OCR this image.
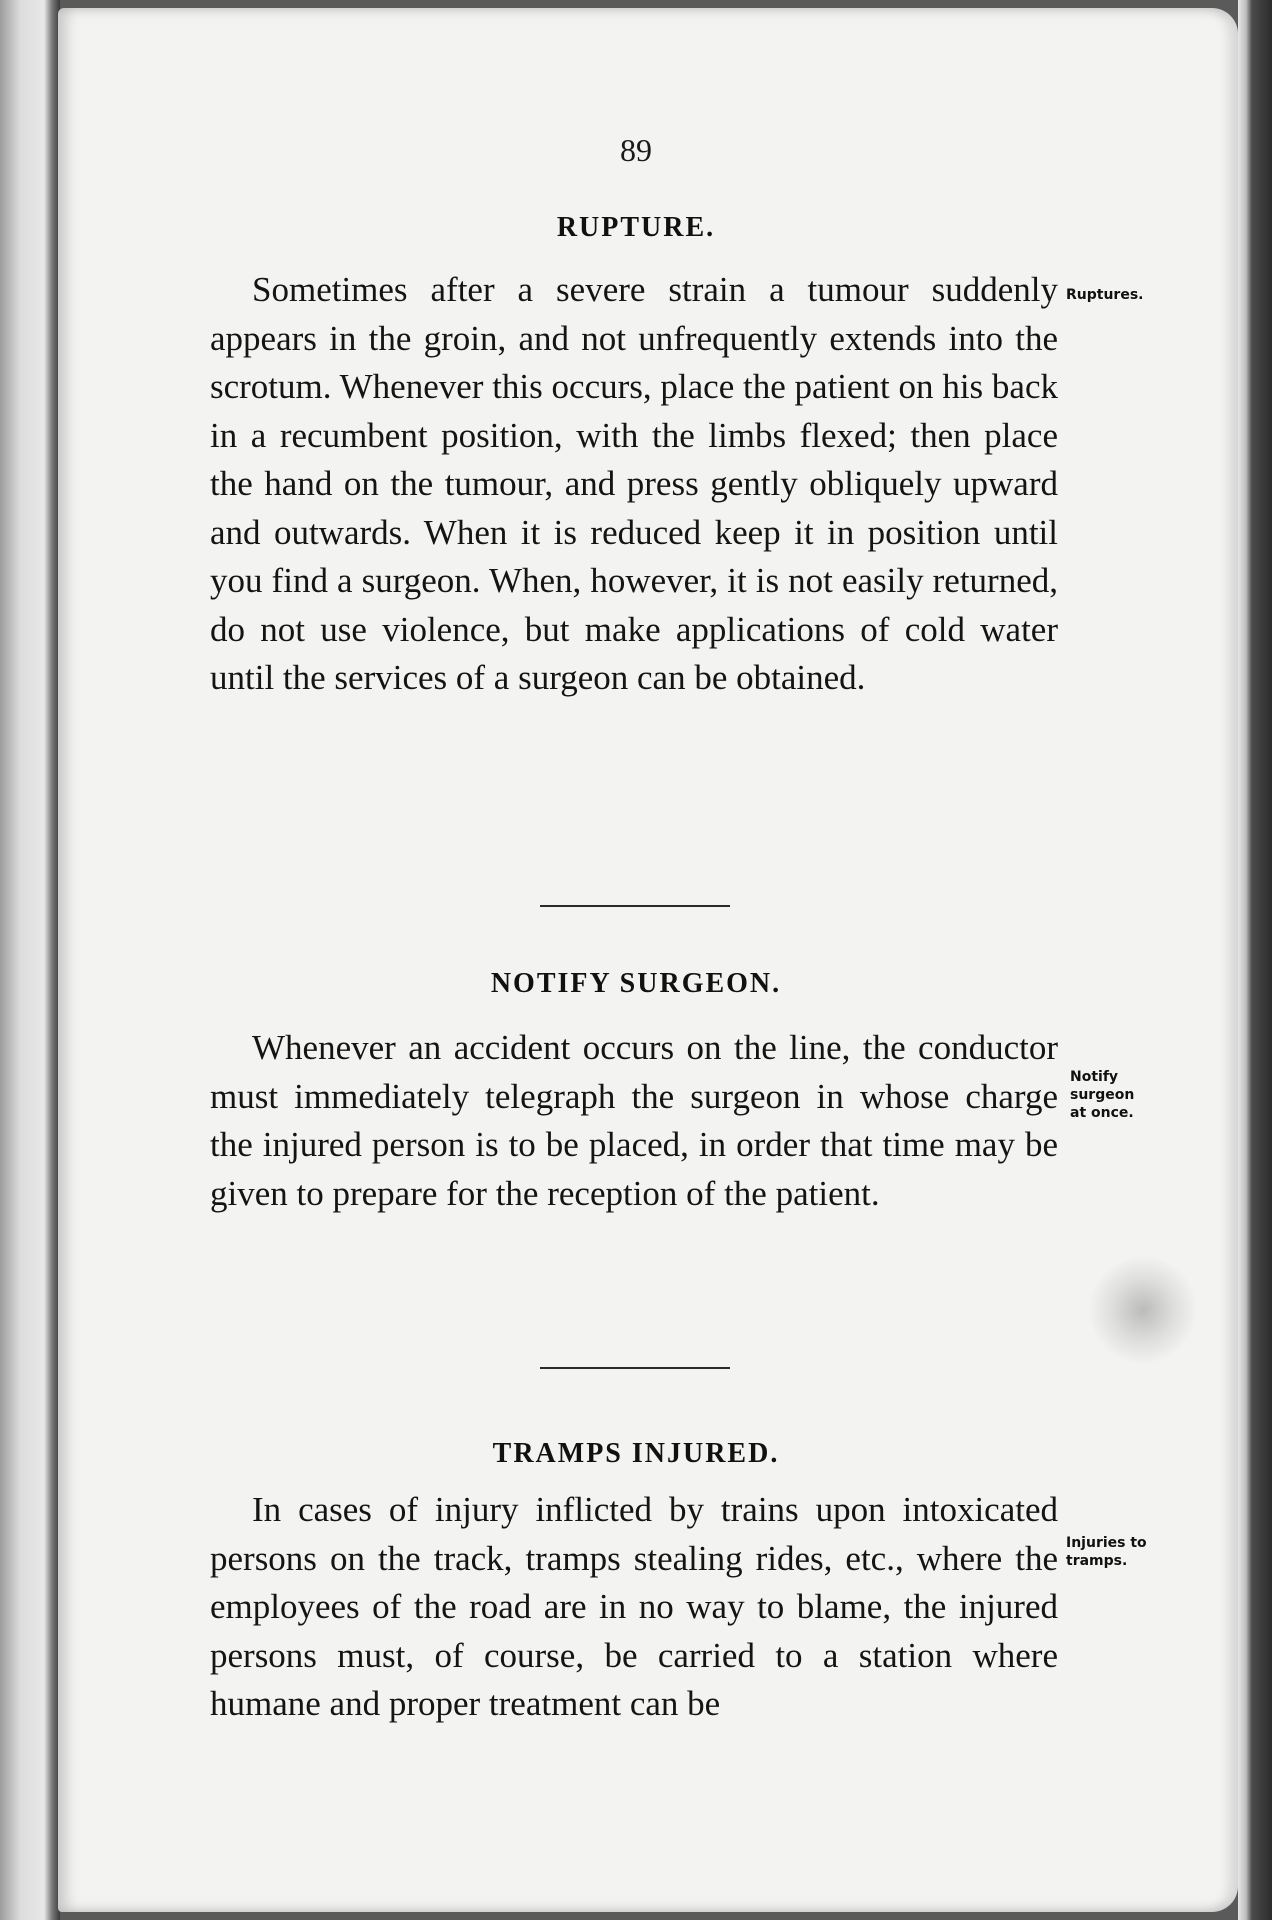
89
RUPTURE.
Sometimes after a severe strain a tumour suddenly appears in the groin, and not unfrequently extends into the scrotum. Whenever this occurs, place the patient on his back in a recumbent position, with the limbs flexed; then place the hand on the tumour, and press gently obliquely upward and outwards. When it is reduced keep it in position until you find a surgeon. When, however, it is not easily returned, do not use violence, but make applications of cold water until the services of a surgeon can be obtained.
Ruptures.
NOTIFY SURGEON.
Whenever an accident occurs on the line, the conductor must immediately telegraph the surgeon in whose charge the injured person is to be placed, in order that time may be given to prepare for the reception of the patient.
Notify
surgeon
at once.
TRAMPS INJURED.
In cases of injury inflicted by trains upon intoxicated persons on the track, tramps stealing rides, etc., where the employees of the road are in no way to blame, the injured persons must, of course, be carried to a station where humane and proper treatment can be
Injuries to
tramps.
